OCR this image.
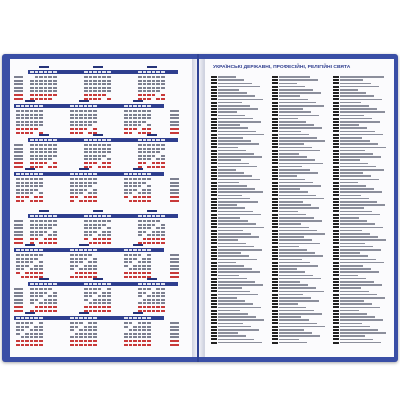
УКРАЇНСЬКІ ДЕРЖАВНІ, ПРОФЕСІЙНІ, РЕЛІГІЙНІ СВЯТА
